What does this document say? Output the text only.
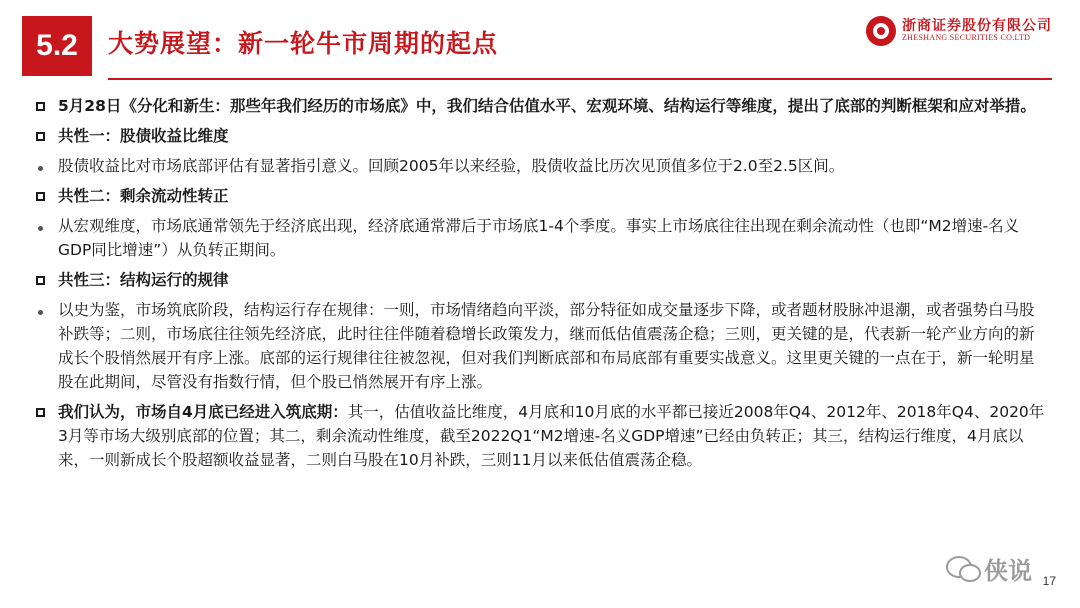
5.2	大势展望：新一轮牛市周期的起点
浙商证券股份有限公司
ZHESHANG SECURITIES CO.LTD
5月28日《分化和新生：那些年我们经历的市场底》中，我们结合估值水平、宏观环境、结构运行等维度，提出了底部的判断框架和应对举措。
共性一：股债收益比维度
股债收益比对市场底部评估有显著指引意义。回顾2005年以来经验，股债收益比历次见顶值多位于2.0至2.5区间。
共性二：剩余流动性转正
从宏观维度，市场底通常领先于经济底出现，经济底通常滞后于市场底1-4个季度。事实上市场底往往出现在剩余流动性（也即“M2增速-名义GDP同比增速”）从负转正期间。
共性三：结构运行的规律
以史为鉴，市场筑底阶段，结构运行存在规律：一则，市场情绪趋向平淡，部分特征如成交量逐步下降，或者题材股脉冲退潮，或者强势白马股补跌等；二则，市场底往往领先经济底，此时往往伴随着稳增长政策发力，继而低估值震荡企稳；三则，更关键的是，代表新一轮产业方向的新成长个股悄然展开有序上涨。底部的运行规律往往被忽视，但对我们判断底部和布局底部有重要实战意义。这里更关键的一点在于，新一轮明星股在此期间，尽管没有指数行情，但个股已悄然展开有序上涨。
我们认为，市场自4月底已经进入筑底期：其一，估值收益比维度，4月底和10月底的水平都已接近2008年Q4、2012年、2018年Q4、2020年3月等市场大级别底部的位置；其二，剩余流动性维度，截至2022Q1“M2增速-名义GDP增速”已经由负转正；其三，结构运行维度，4月底以来，一则新成长个股超额收益显著，二则白马股在10月补跌，三则11月以来低估值震荡企稳。
侠说 17
